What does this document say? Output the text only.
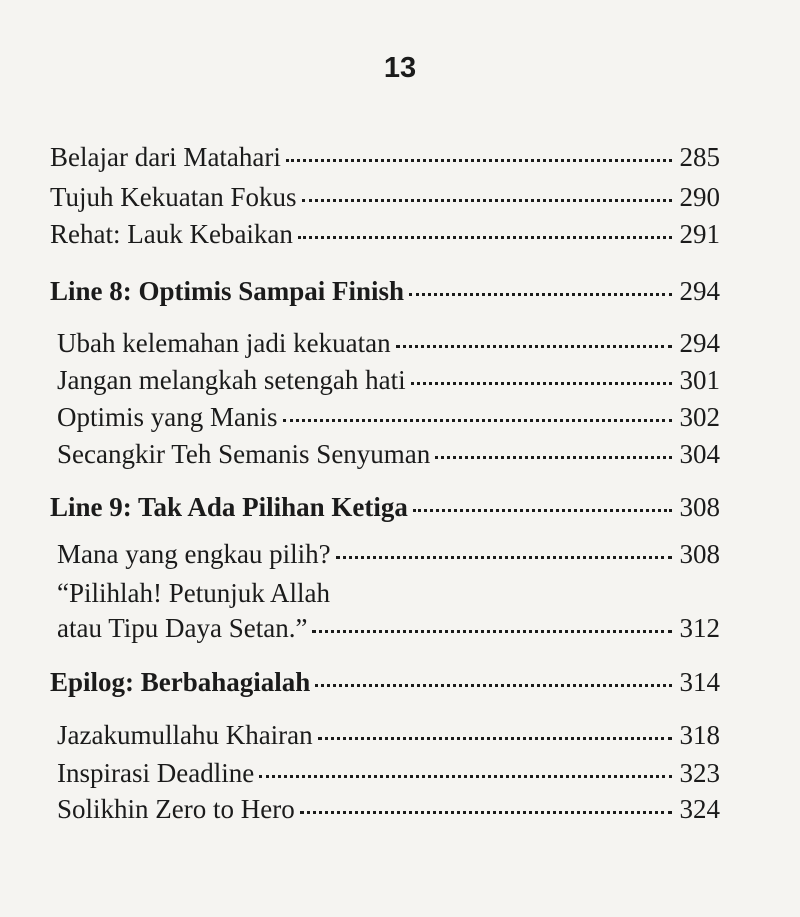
13
Belajar dari Matahari	285
Tujuh Kekuatan Fokus	290
Rehat: Lauk Kebaikan	291
Line 8: Optimis Sampai Finish	294
Ubah kelemahan jadi kekuatan	294
Jangan melangkah setengah hati	301
Optimis yang Manis	302
Secangkir Teh Semanis Senyuman	304
Line 9: Tak Ada Pilihan Ketiga	308
Mana yang engkau pilih?	308
“Pilihlah! Petunjuk Allah
atau Tipu Daya Setan.”	312
Epilog: Berbahagialah	314
Jazakumullahu Khairan	318
Inspirasi Deadline	323
Solikhin Zero to Hero	324
